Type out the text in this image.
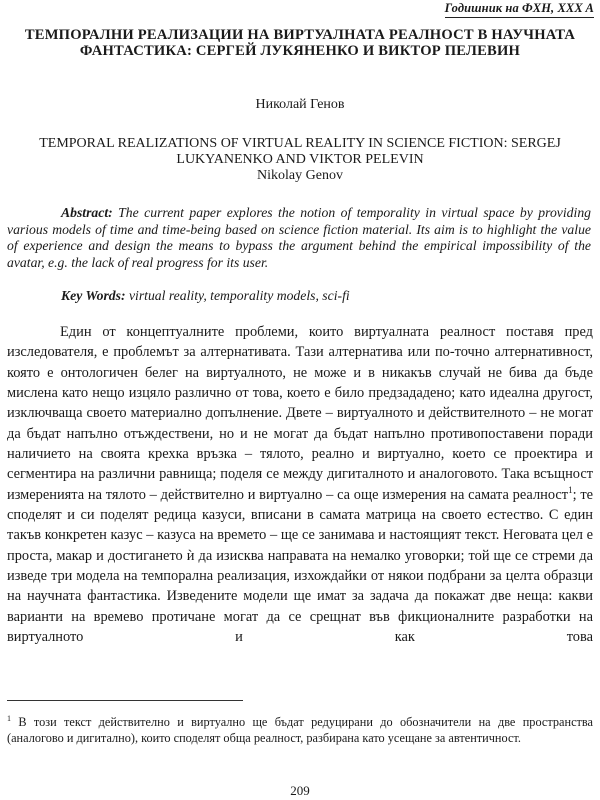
Годишник на ФХН, XXX A
ТЕМПОРАЛНИ РЕАЛИЗАЦИИ НА ВИРТУАЛНАТА РЕАЛНОСТ В НАУЧНАТА ФАНТАСТИКА: СЕРГЕЙ ЛУКЯНЕНКО И ВИКТОР ПЕЛЕВИН
Николай Генов
TEMPORAL REALIZATIONS OF VIRTUAL REALITY IN SCIENCE FICTION: SERGEJ LUKYANENKO AND VIKTOR PELEVIN
Nikolay Genov
Abstract: The current paper explores the notion of temporality in virtual space by providing various models of time and time-being based on science fiction material. Its aim is to highlight the value of experience and design the means to bypass the argument behind the empirical impossibility of the avatar, e.g. the lack of real progress for its user.
Key Words: virtual reality, temporality models, sci-fi
Един от концептуалните проблеми, които виртуалната реалност поставя пред изследователя, е проблемът за алтернативата. Тази алтернатива или по-точно алтернативност, която е онтологичен белег на виртуалното, не може и в никакъв случай не бива да бъде мислена като нещо изцяло различно от това, което е било предзададено; като идеална другост, изключваща своето материално допълнение. Двете – виртуалното и действителното – не могат да бъдат напълно отъждествени, но и не могат да бъдат напълно противопоставени поради наличието на своята крехка връзка – тялото, реално и виртуално, което се проектира и сегментира на различни равнища; поделя се между дигиталното и аналоговото. Така всъщност измеренията на тялото – действително и виртуално – са още измерения на самата реалност$^1$; те споделят и си поделят редица казуси, вписани в самата матрица на своето естество. С един такъв конкретен казус – казуса на времето – ще се занимава и настоящият текст. Неговата цел е проста, макар и достигането ѝ да изисква направата на немалко уговорки; той ще се стреми да изведе три модела на темпорална реализация, изхождайки от някои подбрани за целта образци на научната фантастика. Изведените модели ще имат за задача да покажат две неща: какви варианти на времево протичане могат да се срещнат във фикционалните разработки на виртуалното и как това
$^1$ В този текст действително и виртуално ще бъдат редуцирани до обозначители на две пространства (аналогово и дигитално), които споделят обща реалност, разбирана като усещане за автентичност.
209
